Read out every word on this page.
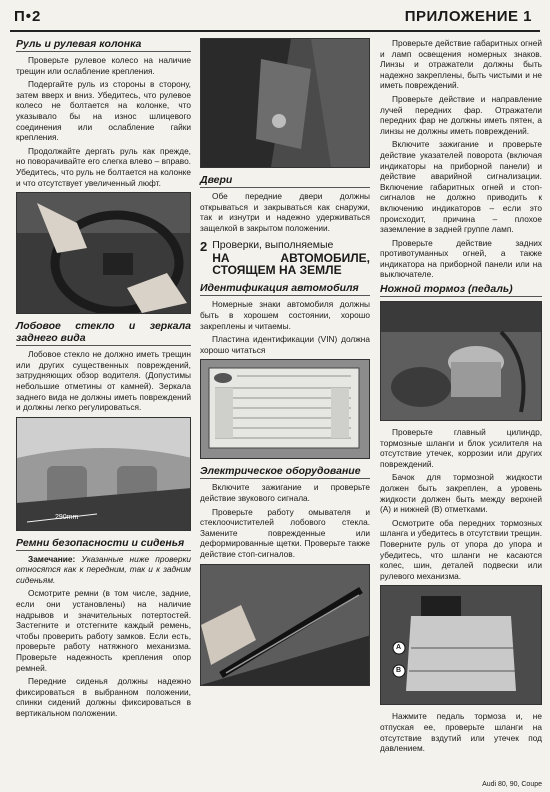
П•2	ПРИЛОЖЕНИЕ 1
Руль и рулевая колонка

Проверьте рулевое колесо на наличие трещин или ослабление крепления.

Подергайте руль из стороны в сторону, затем вверх и вниз. Убедитесь, что рулевое колесо не болтается на колонке, что указывало бы на износ шлицевого соединения или ослабление гайки крепления.

Продолжайте дергать руль как прежде, но поворачивайте его слегка влево – вправо. Убедитесь, что руль не болтается на колонке и что отсутствует увеличенный люфт.

Лобовое стекло и зеркала заднего вида

Лобовое стекло не должно иметь трещин или других существенных повреждений, затрудняющих обзор водителя. (Допустимы небольшие отметины от камней). Зеркала заднего вида не должны иметь повреждений и должны легко регулироваться.

290mm
Ремни безопасности и сиденья

Замечание: Указанные ниже проверки относятся как к передним, так и к задним сиденьям.

Осмотрите ремни (в том числе, задние, если они установлены) на наличие надрывов и значительных потертостей. Застегните и отстегните каждый ремень, чтобы проверить работу замков. Если есть, проверьте работу натяжного механизма. Проверьте надежность крепления опор ремней.

Передние сиденья должны надежно фиксироваться в выбранном положении, спинки сидений должны фиксироваться в вертикальном положении.

Двери

Обе передние двери должны открываться и закрываться как снаружи, так и изнутри и надежно удерживаться защелкой в закрытом положении.

2 Проверки, выполняемые
НА АВТОМОБИЛЕ, СТОЯЩЕМ НА ЗЕМЛЕ
Идентификация автомобиля

Номерные знаки автомобиля должны быть в хорошем состоянии, хорошо закреплены и читаемы.

Пластина идентификации (VIN) должна хорошо читаться

Электрическое оборудование

Включите зажигание и проверьте действие звукового сигнала.

Проверьте работу омывателя и стеклоочистителей лобового стекла. Замените поврежденные или деформированные щетки. Проверьте также действие стоп-сигналов.

Проверьте действие габаритных огней и ламп освещения номерных знаков. Линзы и отражатели должны быть надежно закреплены, быть чистыми и не иметь повреждений.

Проверьте действие и направление лучей передних фар. Отражатели передних фар не должны иметь пятен, а линзы не должны иметь повреждений.

Включите зажигание и проверьте действие указателей поворота (включая индикаторы на приборной панели) и действие аварийной сигнализации. Включение габаритных огней и стоп-сигналов не должно приводить к включению индикаторов – если это происходит, причина – плохое заземление в задней группе ламп.

Проверьте действие задних противотуманных огней, а также индикатора на приборной панели или на выключателе.

Ножной тормоз (педаль)

Проверьте главный цилиндр, тормозные шланги и блок усилителя на отсутствие утечек, коррозии или других повреждений.

Бачок для тормозной жидкости должен быть закреплен, а уровень жидкости должен быть между верхней (А) и нижней (В) отметками.

Осмотрите оба передних тормозных шланга и убедитесь в отсутствии трещин. Поверните руль от упора до упора и убедитесь, что шланги не касаются колес, шин, деталей подвески или рулевого механизма.

A
B

Нажмите педаль тормоза и, не отпуская ее, проверьте шланги на отсутствие вздутий или утечек под давлением.

Audi 80, 90, Coupe
